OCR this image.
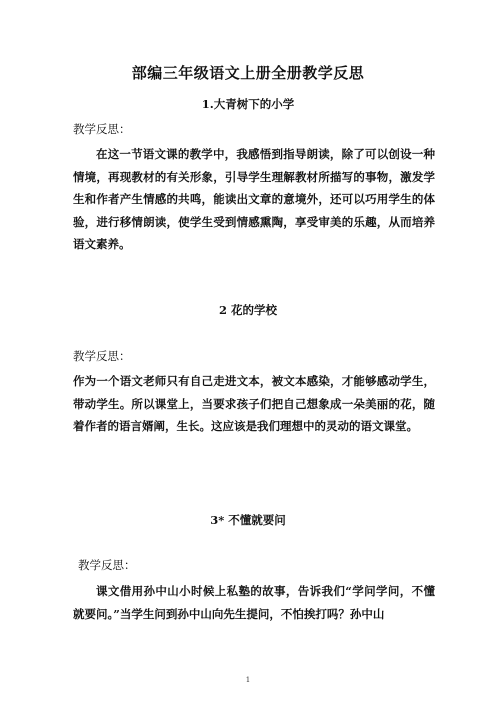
部编三年级语文上册全册教学反思
1.大青树下的小学
教学反思：

在这一节语文课的教学中，我感悟到指导朗读，除了可以创设一种情境，再现教材的有关形象，引导学生理解教材所描写的事物，激发学生和作者产生情感的共鸣，能读出文章的意境外，还可以巧用学生的体验，进行移情朗读，使学生受到情感熏陶，享受审美的乐趣，从而培养语文素养。

2 花的学校
教学反思：

作为一个语文老师只有自己走进文本，被文本感染，才能够感动学生，带动学生。所以课堂上，当要求孩子们把自己想象成一朵美丽的花，随着作者的语言婿阐，生长。这应该是我们理想中的灵动的语文课堂。

3* 不懂就要问
教学反思：

课文借用孙中山小时候上私塾的故事，告诉我们“学问学问，不懂就要问。”当学生问到孙中山向先生提问，不怕挨打吗？孙中山

1
